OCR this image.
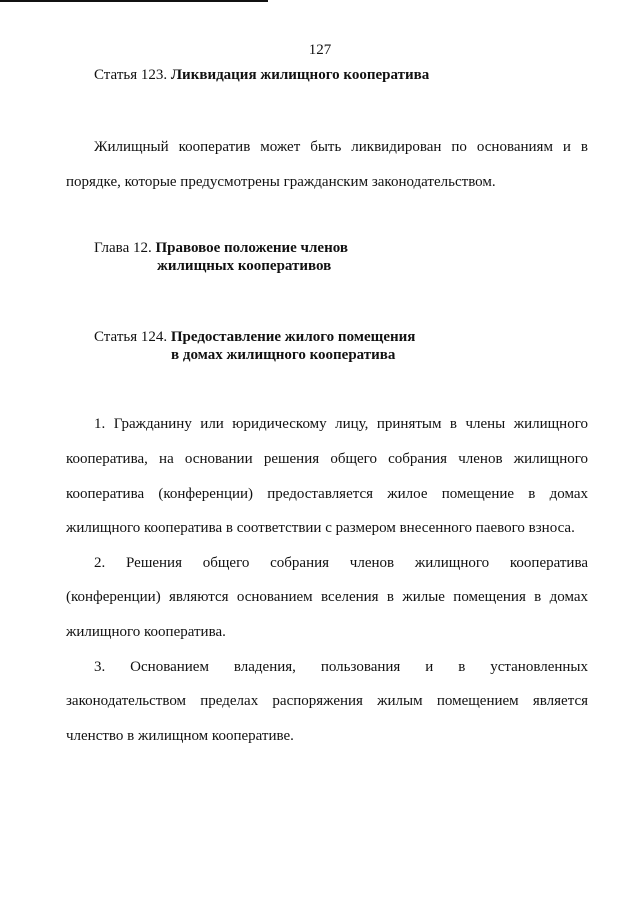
127
Статья 123. Ликвидация жилищного кооператива
Жилищный кооператив может быть ликвидирован по основаниям и в
порядке, которые предусмотрены гражданским законодательством.
Глава 12. Правовое положение членов
жилищных кооперативов
Статья 124. Предоставление жилого помещения
в домах жилищного кооператива
1. Гражданину или юридическому лицу, принятым в члены жилищного
кооператива, на основании решения общего собрания членов жилищного
кооператива (конференции) предоставляется жилое помещение в домах
жилищного кооператива в соответствии с размером внесенного паевого взноса.
2. Решения общего собрания членов жилищного кооператива
(конференции) являются основанием вселения в жилые помещения в домах
жилищного кооператива.
3. Основанием владения, пользования и в установленных
законодательством пределах распоряжения жилым помещением является
членство в жилищном кооперативе.
